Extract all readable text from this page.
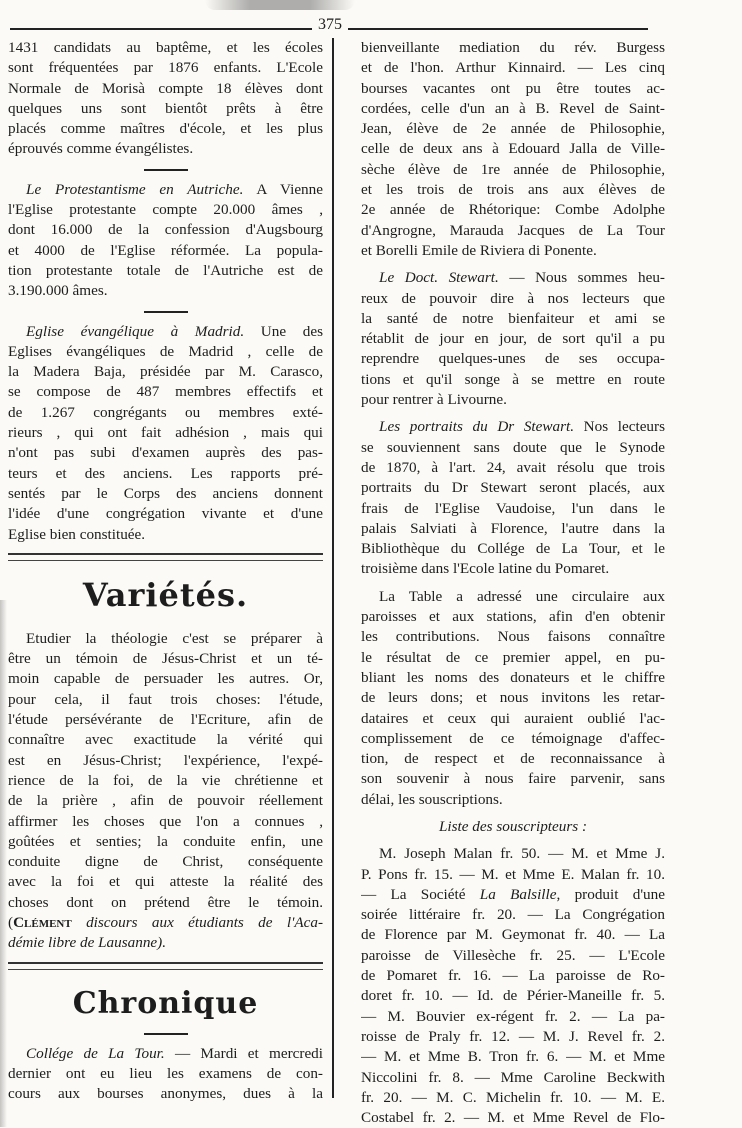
375
1431 candidats au baptême, et les écoles
sont fréquentées par 1876 enfants. L'Ecole
Normale de Morisà compte 18 élèves dont
quelques uns sont bientôt prêts à être
placés comme maîtres d'école, et les plus
éprouvés comme évangélistes.
Le Protestantisme en Autriche. A Vienne
l'Eglise protestante compte 20.000 âmes ,
dont 16.000 de la confession d'Augsbourg
et 4000 de l'Eglise réformée. La popula-
tion protestante totale de l'Autriche est de
3.190.000 âmes.
Eglise évangélique à Madrid. Une des
Eglises évangéliques de Madrid , celle de
la Madera Baja, présidée par M. Carasco,
se compose de 487 membres effectifs et
de 1.267 congrégants ou membres exté-
rieurs , qui ont fait adhésion , mais qui
n'ont pas subi d'examen auprès des pas-
teurs et des anciens. Les rapports pré-
sentés par le Corps des anciens donnent
l'idée d'une congrégation vivante et d'une
Eglise bien constituée.
Variétés.
Etudier la théologie c'est se préparer à
être un témoin de Jésus-Christ et un té-
moin capable de persuader les autres. Or,
pour cela, il faut trois choses: l'étude,
l'étude persévérante de l'Ecriture, afin de
connaître avec exactitude la vérité qui
est en Jésus-Christ; l'expérience, l'expé-
rience de la foi, de la vie chrétienne et
de la prière , afin de pouvoir réellement
affirmer les choses que l'on a connues ,
goûtées et senties; la conduite enfin, une
conduite digne de Christ, conséquente
avec la foi et qui atteste la réalité des
choses dont on prétend être le témoin.
(Clément discours aux étudiants de l'Aca-
démie libre de Lausanne).
Chronique
Collége de La Tour. — Mardi et mercredi
dernier ont eu lieu les examens de con-
cours aux bourses anonymes, dues à la
bienveillante mediation du rév. Burgess
et de l'hon. Arthur Kinnaird. — Les cinq
bourses vacantes ont pu être toutes ac-
cordées, celle d'un an à B. Revel de Saint-
Jean, élève de 2e année de Philosophie,
celle de deux ans à Edouard Jalla de Ville-
sèche élève de 1re année de Philosophie,
et les trois de trois ans aux élèves de
2e année de Rhétorique: Combe Adolphe
d'Angrogne, Marauda Jacques de La Tour
et Borelli Emile de Riviera di Ponente.
Le Doct. Stewart. — Nous sommes heu-
reux de pouvoir dire à nos lecteurs que
la santé de notre bienfaiteur et ami se
rétablit de jour en jour, de sort qu'il a pu
reprendre quelques-unes de ses occupa-
tions et qu'il songe à se mettre en route
pour rentrer à Livourne.
Les portraits du Dr Stewart. Nos lecteurs
se souviennent sans doute que le Synode
de 1870, à l'art. 24, avait résolu que trois
portraits du Dr Stewart seront placés, aux
frais de l'Eglise Vaudoise, l'un dans le
palais Salviati à Florence, l'autre dans la
Bibliothèque du Collége de La Tour, et le
troisième dans l'Ecole latine du Pomaret.
La Table a adressé une circulaire aux
paroisses et aux stations, afin d'en obtenir
les contributions. Nous faisons connaître
le résultat de ce premier appel, en pu-
bliant les noms des donateurs et le chiffre
de leurs dons; et nous invitons les retar-
dataires et ceux qui auraient oublié l'ac-
complissement de ce témoignage d'affec-
tion, de respect et de reconnaissance à
son souvenir à nous faire parvenir, sans
délai, les souscriptions.
Liste des souscripteurs :
M. Joseph Malan fr. 50. — M. et Mme J.
P. Pons fr. 15. — M. et Mme E. Malan fr. 10.
— La Société La Balsille, produit d'une
soirée littéraire fr. 20. — La Congrégation
de Florence par M. Geymonat fr. 40. — La
paroisse de Villesèche fr. 25. — L'Ecole
de Pomaret fr. 16. — La paroisse de Ro-
doret fr. 10. — Id. de Périer-Maneille fr. 5.
— M. Bouvier ex-régent fr. 2. — La pa-
roisse de Praly fr. 12. — M. J. Revel fr. 2.
— M. et Mme B. Tron fr. 6. — M. et Mme
Niccolini fr. 8. — Mme Caroline Beckwith
fr. 20. — M. C. Michelin fr. 10. — M. E.
Costabel fr. 2. — M. et Mme Revel de Flo-
